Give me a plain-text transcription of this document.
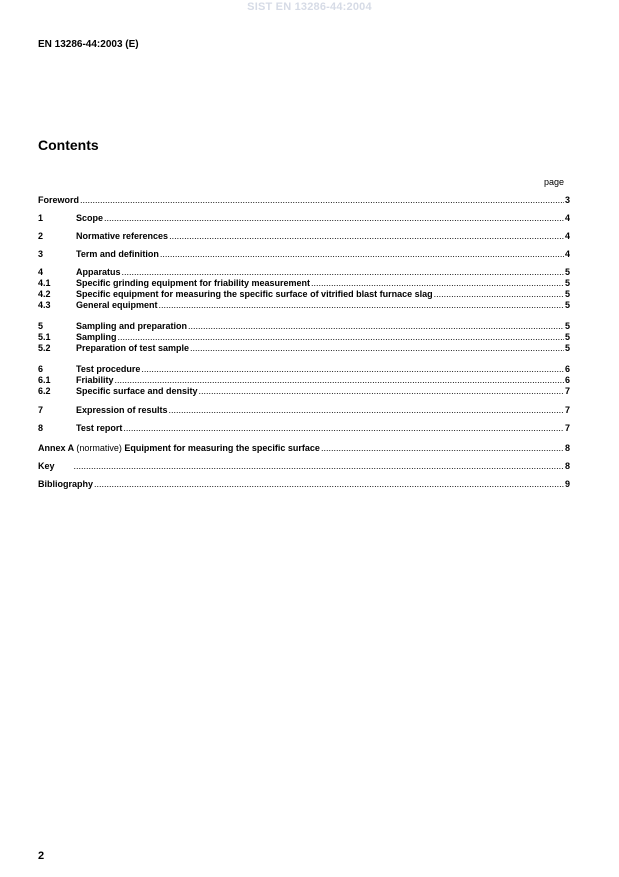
SIST EN 13286-44:2004
EN 13286-44:2003 (E)
Contents
page
Foreword .....	3
1	Scope .....	4
2	Normative references .....	4
3	Term and definition .....	4
4	Apparatus .....	5
4.1	Specific grinding equipment for friability measurement .....	5
4.2	Specific equipment for measuring the specific surface of vitrified blast furnace slag .....	5
4.3	General equipment .....	5
5	Sampling and preparation .....	5
5.1	Sampling .....	5
5.2	Preparation of test sample .....	5
6	Test procedure .....	6
6.1	Friability .....	6
6.2	Specific surface and density .....	7
7	Expression of results .....	7
8	Test report .....	7
Annex A (normative) Equipment for measuring the specific surface .....	8
Key .....	8
Bibliography .....	9
2
